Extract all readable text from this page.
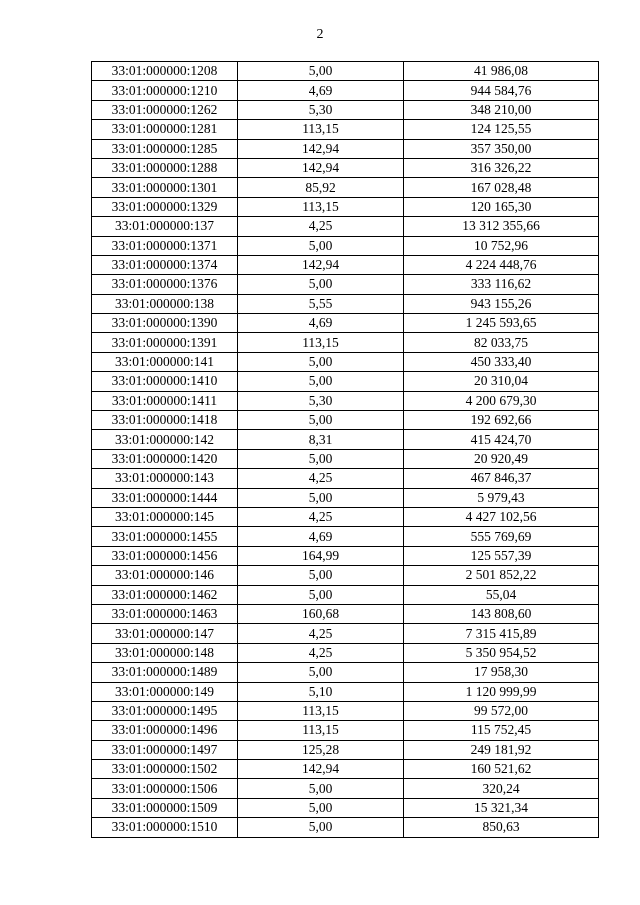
2
33:01:000000:1208	5,00	41 986,08
33:01:000000:1210	4,69	944 584,76
33:01:000000:1262	5,30	348 210,00
33:01:000000:1281	113,15	124 125,55
33:01:000000:1285	142,94	357 350,00
33:01:000000:1288	142,94	316 326,22
33:01:000000:1301	85,92	167 028,48
33:01:000000:1329	113,15	120 165,30
33:01:000000:137	4,25	13 312 355,66
33:01:000000:1371	5,00	10 752,96
33:01:000000:1374	142,94	4 224 448,76
33:01:000000:1376	5,00	333 116,62
33:01:000000:138	5,55	943 155,26
33:01:000000:1390	4,69	1 245 593,65
33:01:000000:1391	113,15	82 033,75
33:01:000000:141	5,00	450 333,40
33:01:000000:1410	5,00	20 310,04
33:01:000000:1411	5,30	4 200 679,30
33:01:000000:1418	5,00	192 692,66
33:01:000000:142	8,31	415 424,70
33:01:000000:1420	5,00	20 920,49
33:01:000000:143	4,25	467 846,37
33:01:000000:1444	5,00	5 979,43
33:01:000000:145	4,25	4 427 102,56
33:01:000000:1455	4,69	555 769,69
33:01:000000:1456	164,99	125 557,39
33:01:000000:146	5,00	2 501 852,22
33:01:000000:1462	5,00	55,04
33:01:000000:1463	160,68	143 808,60
33:01:000000:147	4,25	7 315 415,89
33:01:000000:148	4,25	5 350 954,52
33:01:000000:1489	5,00	17 958,30
33:01:000000:149	5,10	1 120 999,99
33:01:000000:1495	113,15	99 572,00
33:01:000000:1496	113,15	115 752,45
33:01:000000:1497	125,28	249 181,92
33:01:000000:1502	142,94	160 521,62
33:01:000000:1506	5,00	320,24
33:01:000000:1509	5,00	15 321,34
33:01:000000:1510	5,00	850,63
